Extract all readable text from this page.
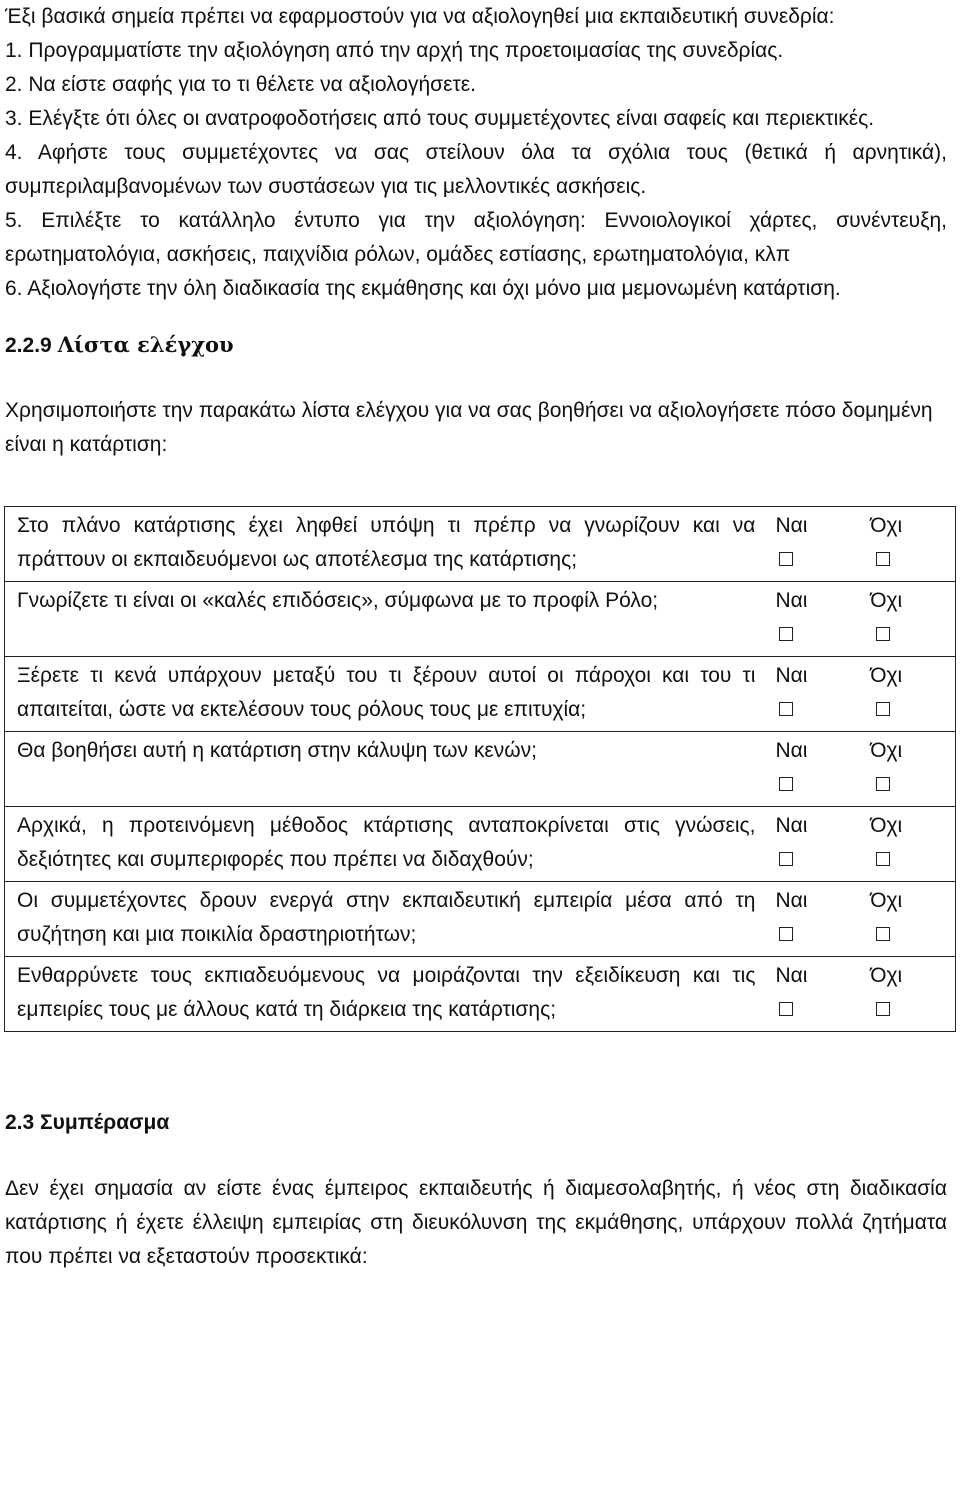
Έξι βασικά σημεία πρέπει να εφαρμοστούν για να αξιολογηθεί μια εκπαιδευτική συνεδρία:

1. Προγραμματίστε την αξιολόγηση από την αρχή της προετοιμασίας της συνεδρίας.

2. Να είστε σαφής για το τι θέλετε να αξιολογήσετε.

3. Ελέγξτε ότι όλες οι ανατροφοδοτήσεις από τους συμμετέχοντες είναι σαφείς και περιεκτικές.

4. Αφήστε τους συμμετέχοντες να σας στείλουν όλα τα σχόλια τους (θετικά ή αρνητικά), συμπεριλαμβανομένων των συστάσεων για τις μελλοντικές ασκήσεις.

5. Επιλέξτε το κατάλληλο έντυπο για την αξιολόγηση: Εννοιολογικοί χάρτες, συνέντευξη, ερωτηματολόγια, ασκήσεις, παιχνίδια ρόλων, ομάδες εστίασης, ερωτηματολόγια, κλπ

6. Αξιολογήστε την όλη διαδικασία της εκμάθησης και όχι μόνο μια μεμονωμένη κατάρτιση.

2.2.9 Λίστα ελέγχου

Χρησιμοποιήστε την παρακάτω λίστα ελέγχου για να σας βοηθήσει να αξιολογήσετε πόσο δομημένη είναι η κατάρτιση:

Στο πλάνο κατάρτισης έχει ληφθεί υπόψη τι πρέπρ να γνωρίζουν και να πράττουν οι εκπαιδευόμενοι ως αποτέλεσμα της κατάρτισης;	Ναι	Όχι

Γνωρίζετε τι είναι οι «καλές επιδόσεις», σύμφωνα με το προφίλ Ρόλο;	Ναι	Όχι

Ξέρετε τι κενά υπάρχουν μεταξύ του τι ξέρουν αυτοί οι πάροχοι και του τι απαιτείται, ώστε να εκτελέσουν τους ρόλους τους με επιτυχία;	Ναι	Όχι

Θα βοηθήσει αυτή η κατάρτιση στην κάλυψη των κενών;	Ναι	Όχι

Αρχικά, η προτεινόμενη μέθοδος κτάρτισης ανταποκρίνεται στις γνώσεις, δεξιότητες και συμπεριφορές που πρέπει να διδαχθούν;	Ναι	Όχι

Οι συμμετέχοντες δρουν ενεργά στην εκπαιδευτική εμπειρία μέσα από τη συζήτηση και μια ποικιλία δραστηριοτήτων;	Ναι	Όχι

Ενθαρρύνετε τους εκπιαδευόμενους να μοιράζονται την εξειδίκευση και τις εμπειρίες τους με άλλους κατά τη διάρκεια της κατάρτισης;	Ναι	Όχι
2.3 Συμπέρασμα

Δεν έχει σημασία αν είστε ένας έμπειρος εκπαιδευτής ή διαμεσολαβητής, ή νέος στη διαδικασία κατάρτισης ή έχετε έλλειψη εμπειρίας στη διευκόλυνση της εκμάθησης, υπάρχουν πολλά ζητήματα που πρέπει να εξεταστούν προσεκτικά:
